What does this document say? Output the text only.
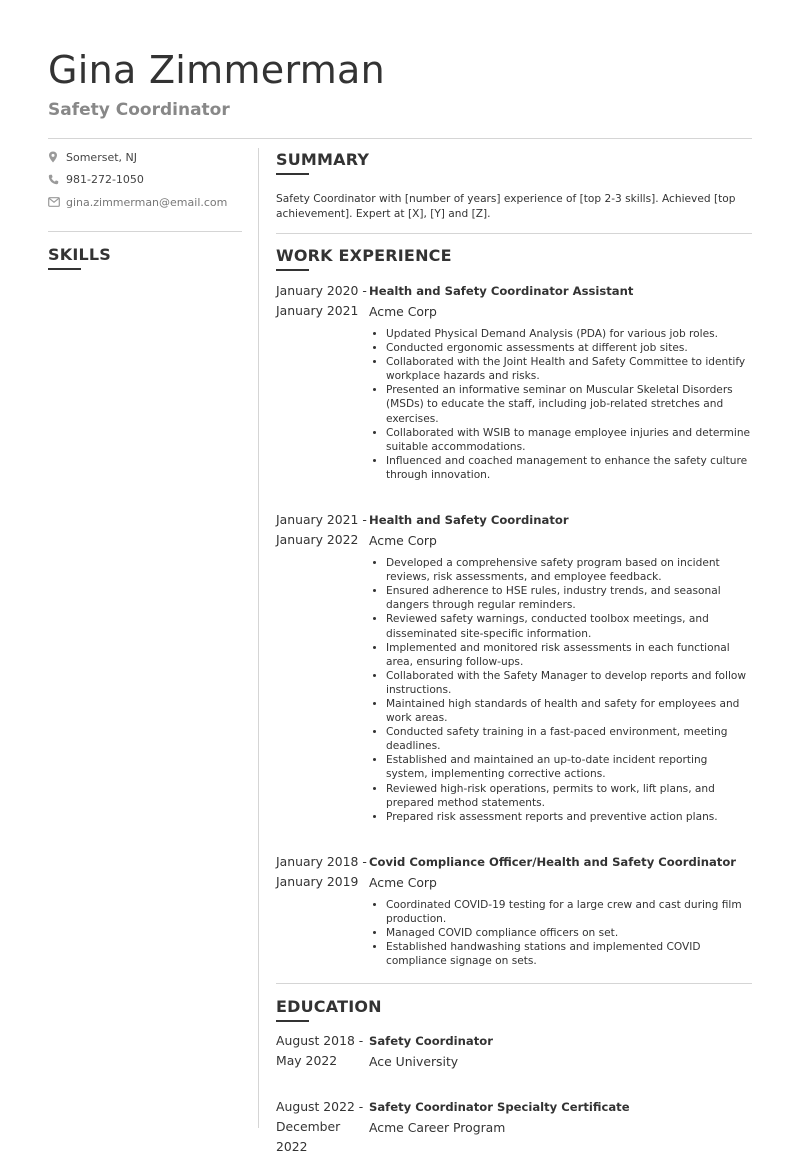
Gina Zimmerman
Safety Coordinator
Somerset, NJ
981-272-1050
gina.zimmerman@email.com
SKILLS
SUMMARY

Safety Coordinator with [number of years] experience of [top 2-3 skills]. Achieved [top achievement]. Expert at [X], [Y] and [Z].

WORK EXPERIENCE
January 2020 -
January 2021
Health and Safety Coordinator Assistant
Acme Corp
• Updated Physical Demand Analysis (PDA) for various job roles.
• Conducted ergonomic assessments at different job sites.
• Collaborated with the Joint Health and Safety Committee to identify workplace hazards and risks.
• Presented an informative seminar on Muscular Skeletal Disorders (MSDs) to educate the staff, including job-related stretches and exercises.
• Collaborated with WSIB to manage employee injuries and determine suitable accommodations.
• Influenced and coached management to enhance the safety culture through innovation.
January 2021 -
January 2022
Health and Safety Coordinator
Acme Corp
• Developed a comprehensive safety program based on incident reviews, risk assessments, and employee feedback.
• Ensured adherence to HSE rules, industry trends, and seasonal dangers through regular reminders.
• Reviewed safety warnings, conducted toolbox meetings, and disseminated site-specific information.
• Implemented and monitored risk assessments in each functional area, ensuring follow-ups.
• Collaborated with the Safety Manager to develop reports and follow instructions.
• Maintained high standards of health and safety for employees and work areas.
• Conducted safety training in a fast-paced environment, meeting deadlines.
• Established and maintained an up-to-date incident reporting system, implementing corrective actions.
• Reviewed high-risk operations, permits to work, lift plans, and prepared method statements.
• Prepared risk assessment reports and preventive action plans.
January 2018 -
January 2019
Covid Compliance Officer/Health and Safety Coordinator
Acme Corp
• Coordinated COVID-19 testing for a large crew and cast during film production.
• Managed COVID compliance officers on set.
• Established handwashing stations and implemented COVID compliance signage on sets.
EDUCATION
August 2018 -
May 2022
Safety Coordinator
Ace University
August 2022 -
December 2022
Safety Coordinator Specialty Certificate
Acme Career Program
